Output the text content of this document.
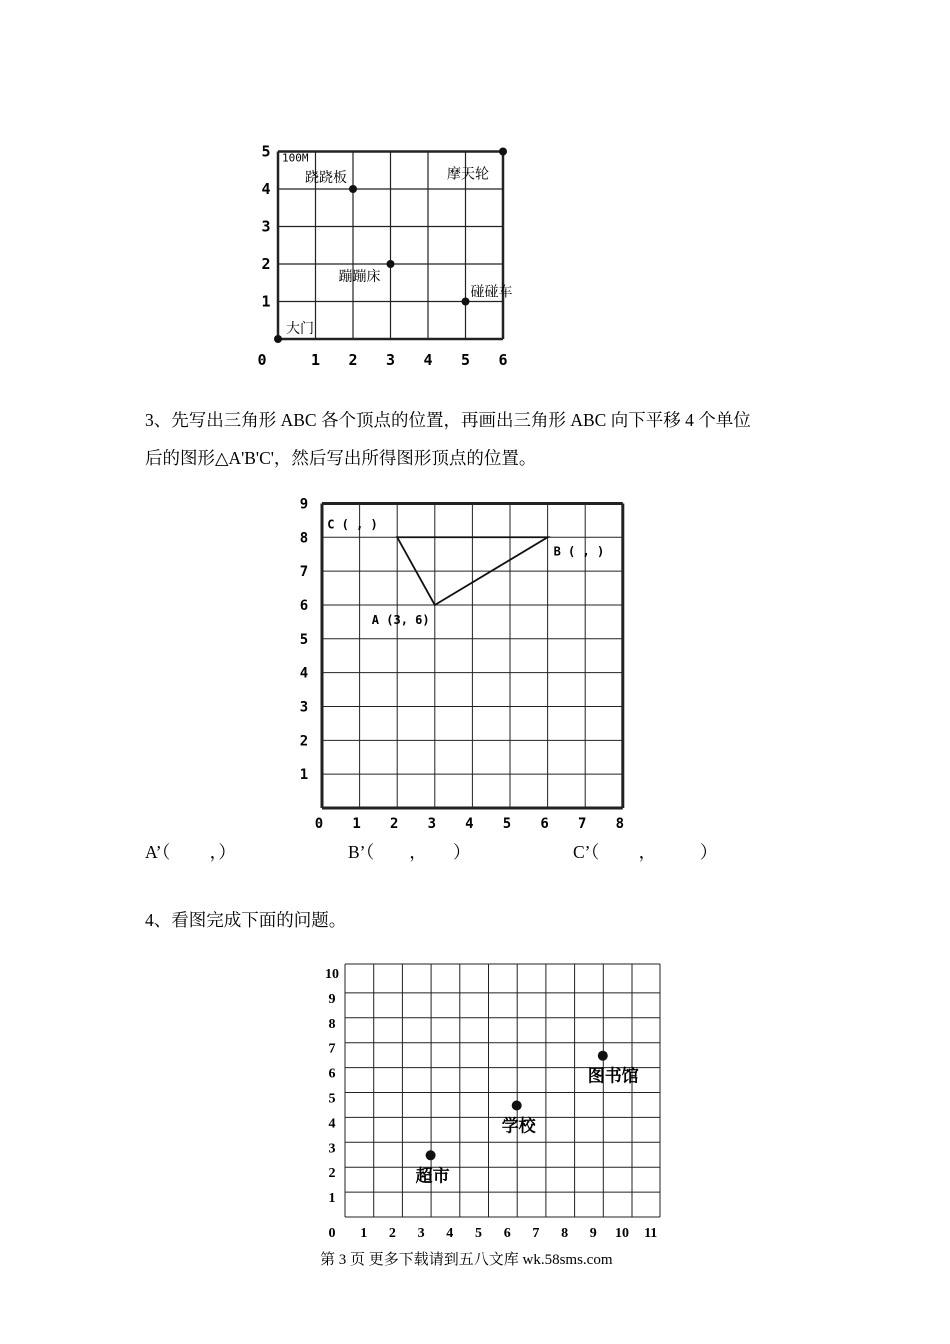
0	1 2 3 4 5 6
1
2
3
4
5 100M
跷跷板	摩天轮
蹦蹦床
碰碰车
大门
3、先写出三角形 ABC 各个顶点的位置，再画出三角形 ABC 向下平移 4 个单位
后的图形△A'B'C'，然后写出所得图形顶点的位置。
0 1 2 3 4 5 6 7 8
1
2
3
4
5
6
7
8
9
A (3, 6)
B ( , )
C ( , )
A’（　　 ，）	B’（　　，　　）	C’（　　 ，　　　）
4、看图完成下面的问题。
0 1 2 3 4 5 6 7 8 9 10 11
1
2
3
4
5
6
7
8
9
10
超市
学校
图书馆
第 3 页 更多下载请到五八文库 wk.58sms.com
